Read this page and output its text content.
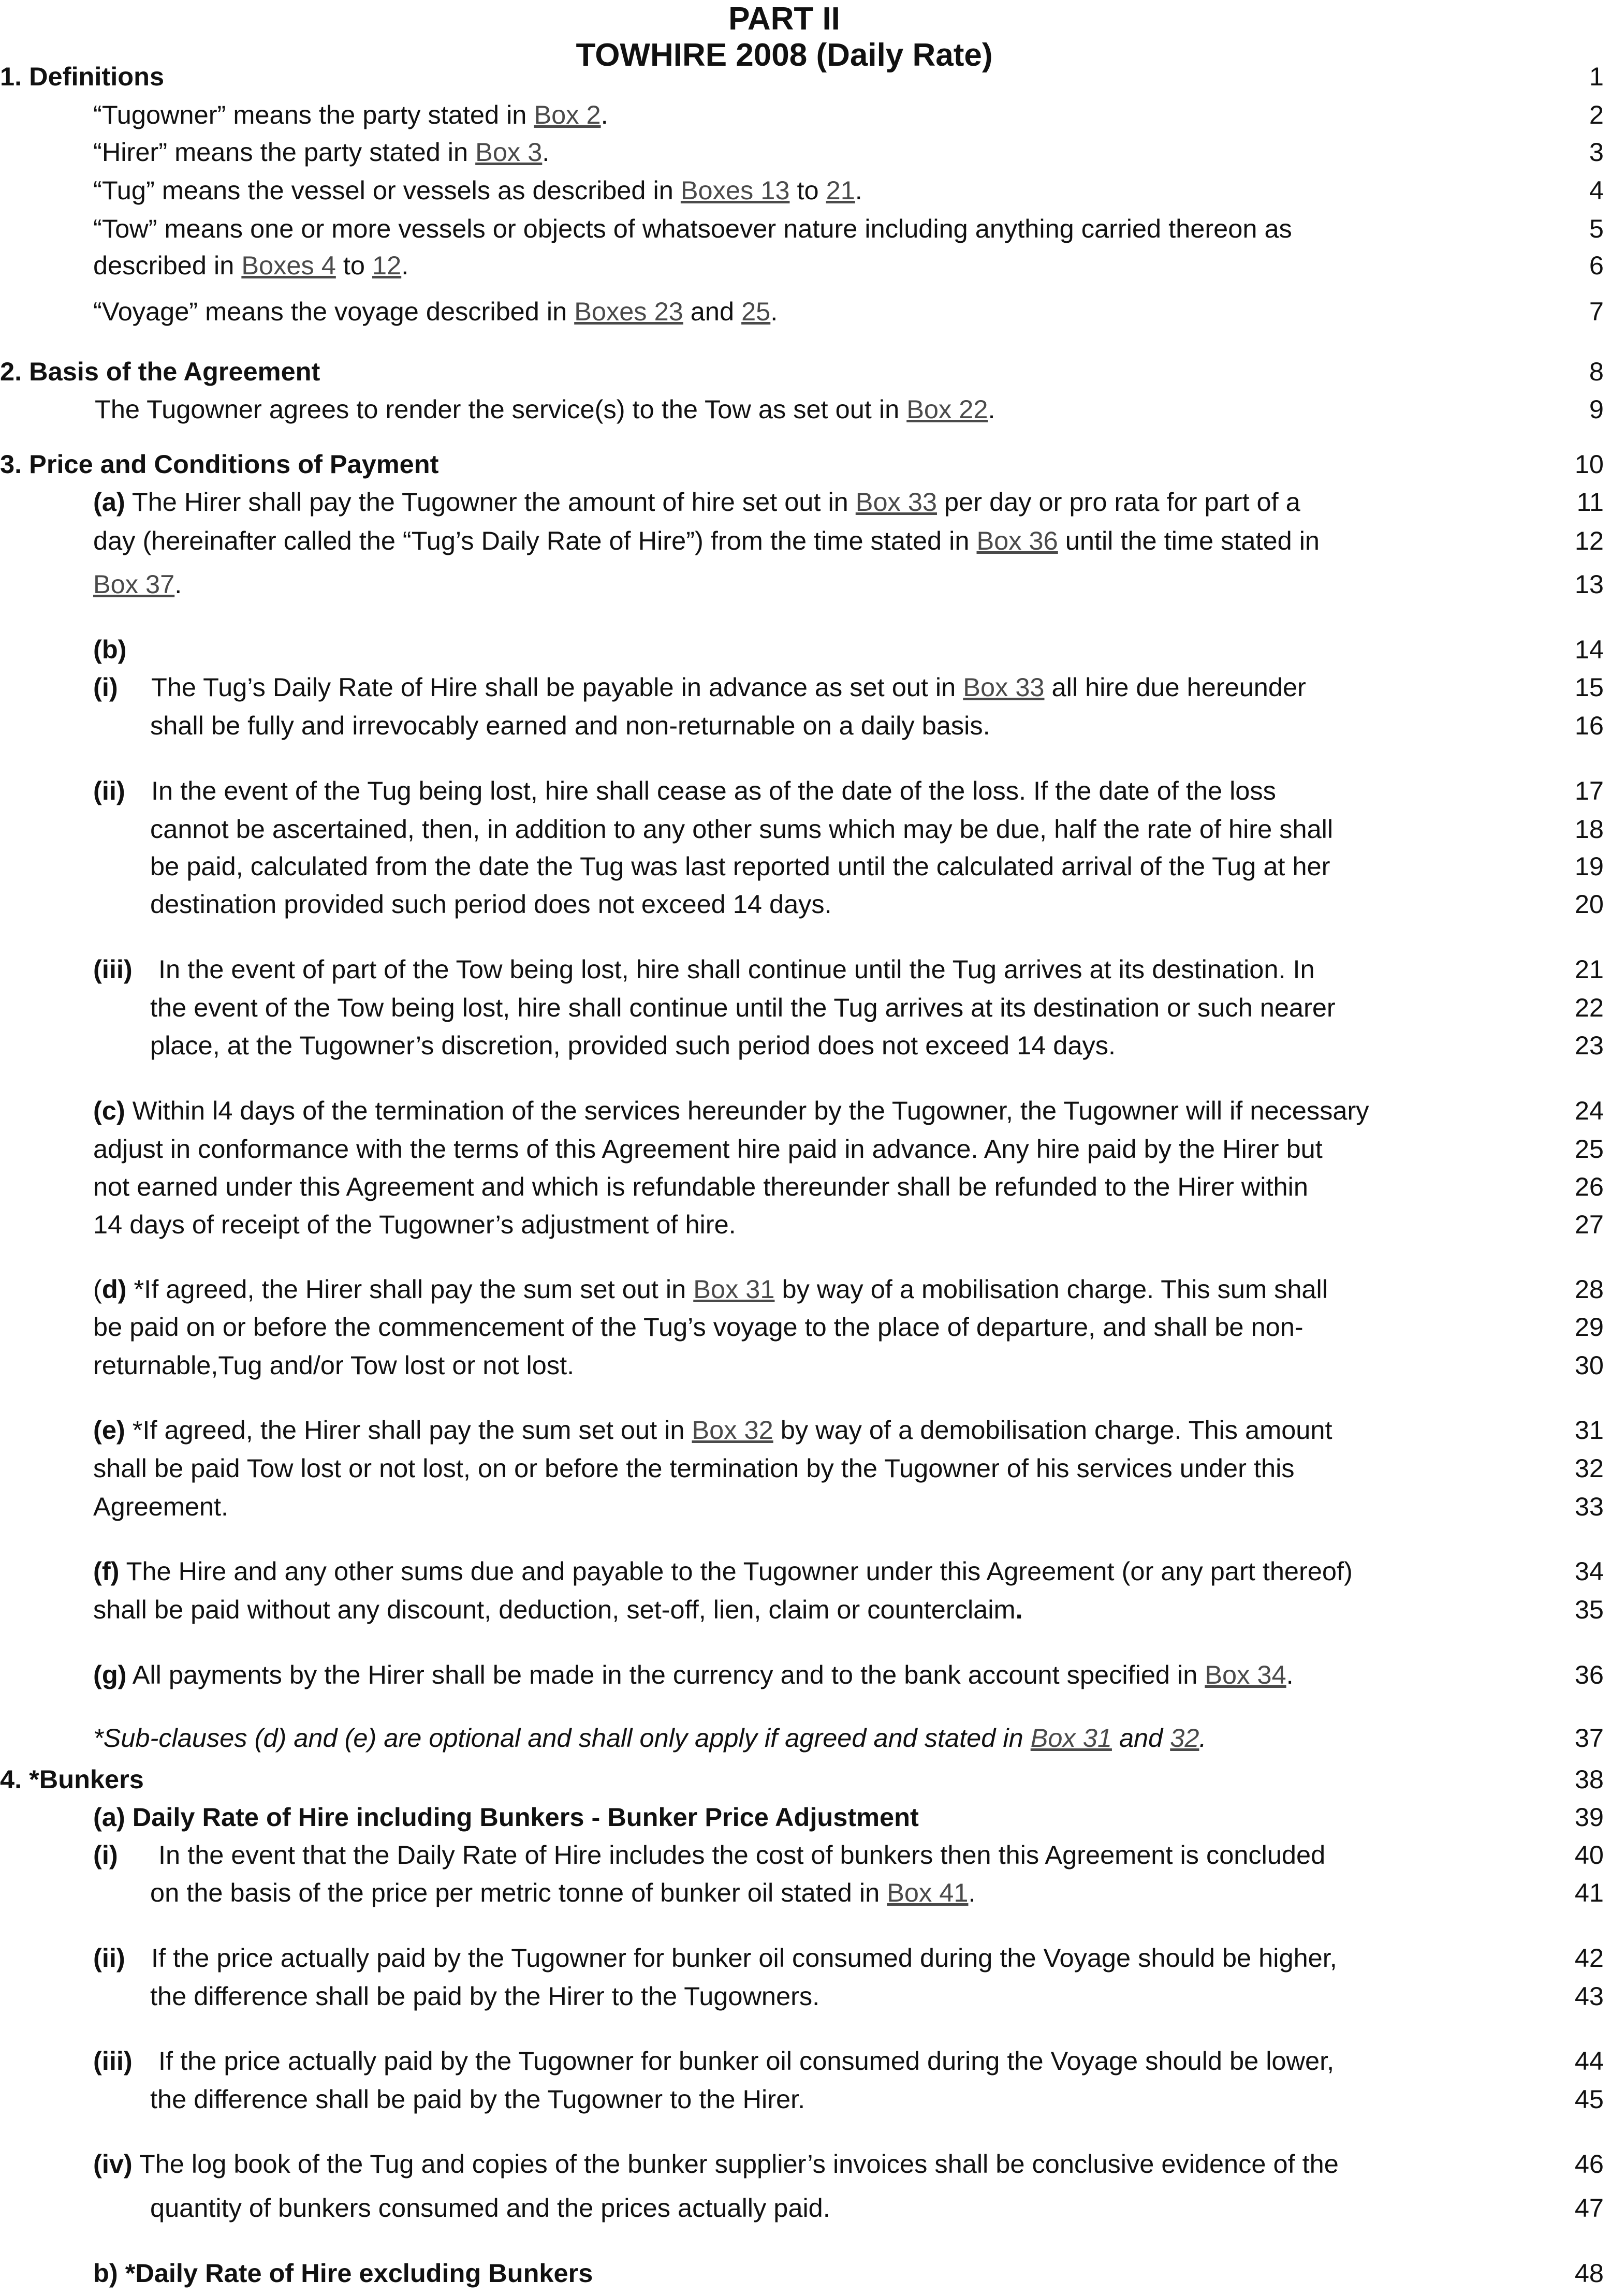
PART II
TOWHIRE 2008 (Daily Rate)
1. Definitions	1
“Tugowner” means the party stated in Box 2.	2
“Hirer” means the party stated in Box 3.	3
“Tug” means the vessel or vessels as described in Boxes 13 to 21.	4
“Tow” means one or more vessels or objects of whatsoever nature including anything carried thereon as	5
described in Boxes 4 to 12.	6
“Voyage” means the voyage described in Boxes 23 and 25.	7
2. Basis of the Agreement	8
The Tugowner agrees to render the service(s) to the Tow as set out in Box 22.	9
3. Price and Conditions of Payment	10
(a) The Hirer shall pay the Tugowner the amount of hire set out in Box 33 per day or pro rata for part of a	11
day (hereinafter called the “Tug’s Daily Rate of Hire”) from the time stated in Box 36 until the time stated in	12
Box 37.	13
(b)	14
(i) The Tug’s Daily Rate of Hire shall be payable in advance as set out in Box 33 all hire due hereunder	15
shall be fully and irrevocably earned and non-returnable on a daily basis.	16
(ii) In the event of the Tug being lost, hire shall cease as of the date of the loss. If the date of the loss	17
cannot be ascertained, then, in addition to any other sums which may be due, half the rate of hire shall	18
be paid, calculated from the date the Tug was last reported until the calculated arrival of the Tug at her	19
destination provided such period does not exceed 14 days.	20
(iii) In the event of part of the Tow being lost, hire shall continue until the Tug arrives at its destination. In	21
the event of the Tow being lost, hire shall continue until the Tug arrives at its destination or such nearer	22
place, at the Tugowner’s discretion, provided such period does not exceed 14 days.	23
(c) Within l4 days of the termination of the services hereunder by the Tugowner, the Tugowner will if necessary	24
adjust in conformance with the terms of this Agreement hire paid in advance. Any hire paid by the Hirer but	25
not earned under this Agreement and which is refundable thereunder shall be refunded to the Hirer within	26
14 days of receipt of the Tugowner’s adjustment of hire.	27
(d) *If agreed, the Hirer shall pay the sum set out in Box 31 by way of a mobilisation charge. This sum shall	28
be paid on or before the commencement of the Tug’s voyage to the place of departure, and shall be non-	29
returnable,Tug and/or Tow lost or not lost.	30
(e) *If agreed, the Hirer shall pay the sum set out in Box 32 by way of a demobilisation charge. This amount	31
shall be paid Tow lost or not lost, on or before the termination by the Tugowner of his services under this	32
Agreement.	33
(f) The Hire and any other sums due and payable to the Tugowner under this Agreement (or any part thereof)	34
shall be paid without any discount, deduction, set-off, lien, claim or counterclaim.	35
(g) All payments by the Hirer shall be made in the currency and to the bank account specified in Box 34.	36
*Sub-clauses (d) and (e) are optional and shall only apply if agreed and stated in Box 31 and 32.	37
4. *Bunkers	38
(a) Daily Rate of Hire including Bunkers - Bunker Price Adjustment	39
(i) In the event that the Daily Rate of Hire includes the cost of bunkers then this Agreement is concluded	40
on the basis of the price per metric tonne of bunker oil stated in Box 41.	41
(ii) If the price actually paid by the Tugowner for bunker oil consumed during the Voyage should be higher,	42
the difference shall be paid by the Hirer to the Tugowners.	43
(iii) If the price actually paid by the Tugowner for bunker oil consumed during the Voyage should be lower,	44
the difference shall be paid by the Tugowner to the Hirer.	45
(iv) The log book of the Tug and copies of the bunker supplier’s invoices shall be conclusive evidence of the	46
quantity of bunkers consumed and the prices actually paid.	47
b) *Daily Rate of Hire excluding Bunkers	48
